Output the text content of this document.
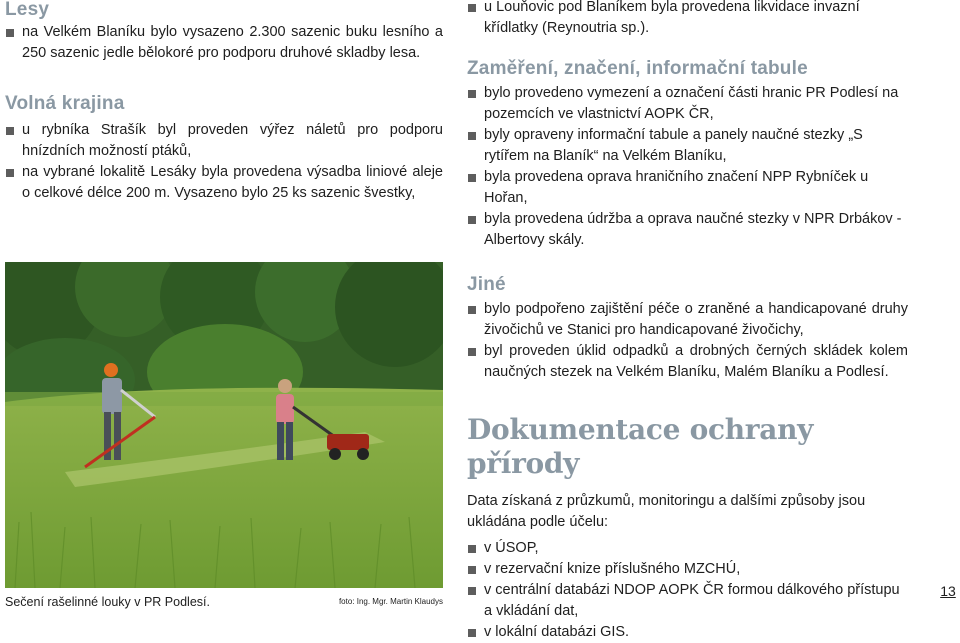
Lesy
na Velkém Blaníku bylo vysazeno 2.300 sazenic buku lesního a 250 sazenic jedle bělokoré pro podporu druhové skladby lesa.
Volná krajina
u rybníka Strašík byl proveden výřez náletů pro podporu hnízdních možností ptáků,
na vybrané lokalitě Lesáky byla provedena výsadba liniové aleje o celkové délce 200 m. Vysazeno bylo 25 ks sazenic švestky,
Sečení rašelinné louky v PR Podlesí.	foto: Ing. Mgr. Martin Klaudys
u Louňovic pod Blaníkem byla provedena likvidace invazní křídlatky (Reynoutria sp.).
Zaměření, značení, informační tabule
bylo provedeno vymezení a označení části hranic PR Podlesí na pozemcích ve vlastnictví AOPK ČR,
byly opraveny informační tabule a panely naučné stezky „S rytířem na Blaník“ na Velkém Blaníku,
byla provedena oprava hraničního značení NPP Rybníček u Hořan,
byla provedena údržba a oprava naučné stezky v NPR Drbákov - Albertovy skály.
Jiné
bylo podpořeno zajištění péče o zraněné a handicapované druhy živočichů ve Stanici pro handicapované živočichy,
byl proveden úklid odpadků a drobných černých skládek kolem naučných stezek na Velkém Blaníku, Malém Blaníku a Podlesí.
Dokumentace ochrany přírody

Data získaná z průzkumů, monitoringu a dalšími způsoby jsou ukládána podle účelu:

v ÚSOP,
v rezervační knize příslušného MZCHÚ,
v centrální databázi NDOP AOPK ČR formou dálkového přístupu a vkládání dat,
v lokální databázi GIS.
13
